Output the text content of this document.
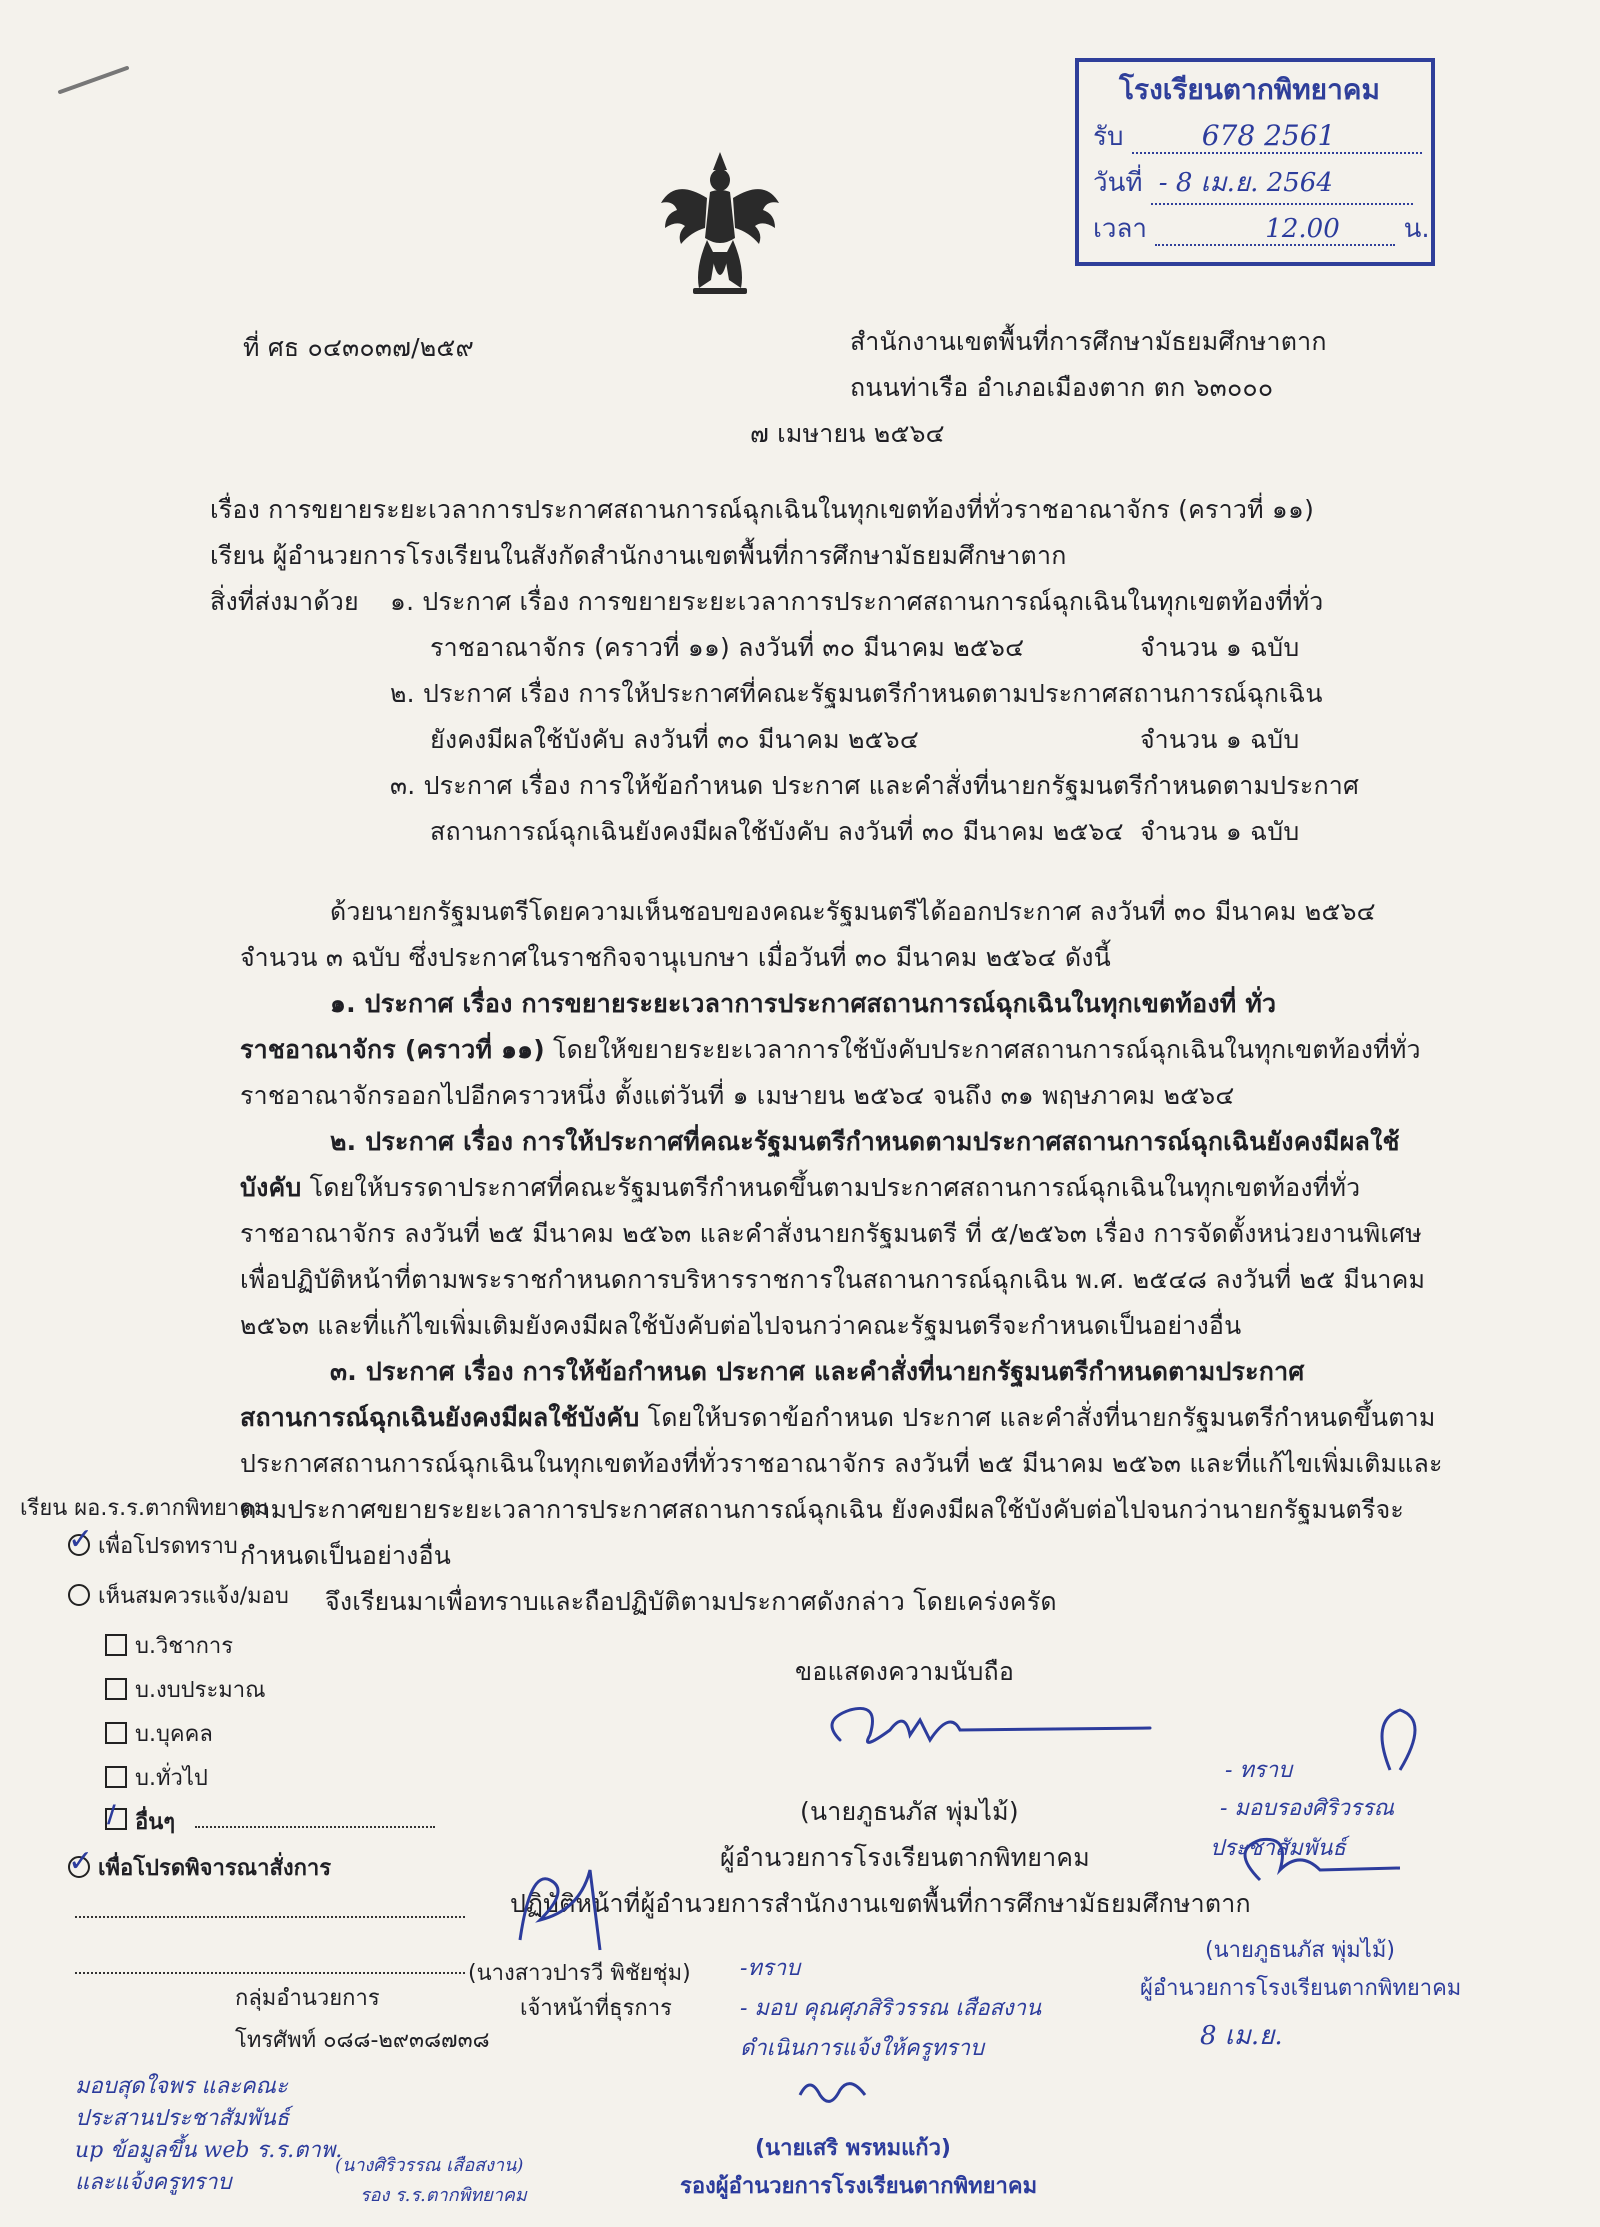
โรงเรียนตากพิทยาคม
รับ	678 2561
วันที่ - 8 เม.ย. 2564
เวลา	12.00 น.
ที่ ศธ ๐๔๓๐๓๗/๒๕๙	สำนักงานเขตพื้นที่การศึกษามัธยมศึกษาตาก
ถนนท่าเรือ อำเภอเมืองตาก ตก ๖๓๐๐๐
๗ เมษายน ๒๕๖๔
เรื่อง การขยายระยะเวลาการประกาศสถานการณ์ฉุกเฉินในทุกเขตท้องที่ทั่วราชอาณาจักร (คราวที่ ๑๑)
เรียน ผู้อำนวยการโรงเรียนในสังกัดสำนักงานเขตพื้นที่การศึกษามัธยมศึกษาตาก
สิ่งที่ส่งมาด้วย ๑. ประกาศ เรื่อง การขยายระยะเวลาการประกาศสถานการณ์ฉุกเฉินในทุกเขตท้องที่ทั่ว
ราชอาณาจักร (คราวที่ ๑๑) ลงวันที่ ๓๐ มีนาคม ๒๕๖๔	จำนวน ๑ ฉบับ
๒. ประกาศ เรื่อง การให้ประกาศที่คณะรัฐมนตรีกำหนดตามประกาศสถานการณ์ฉุกเฉิน
ยังคงมีผลใช้บังคับ ลงวันที่ ๓๐ มีนาคม ๒๕๖๔	จำนวน ๑ ฉบับ
๓. ประกาศ เรื่อง การให้ข้อกำหนด ประกาศ และคำสั่งที่นายกรัฐมนตรีกำหนดตามประกาศ
สถานการณ์ฉุกเฉินยังคงมีผลใช้บังคับ ลงวันที่ ๓๐ มีนาคม ๒๕๖๔ จำนวน ๑ ฉบับ
ด้วยนายกรัฐมนตรีโดยความเห็นชอบของคณะรัฐมนตรีได้ออกประกาศ ลงวันที่ ๓๐ มีนาคม ๒๕๖๔
จำนวน ๓ ฉบับ ซึ่งประกาศในราชกิจจานุเบกษา เมื่อวันที่ ๓๐ มีนาคม ๒๕๖๔ ดังนี้
๑. ประกาศ เรื่อง การขยายระยะเวลาการประกาศสถานการณ์ฉุกเฉินในทุกเขตท้องที่ ทั่ว
ราชอาณาจักร (คราวที่ ๑๑) โดยให้ขยายระยะเวลาการใช้บังคับประกาศสถานการณ์ฉุกเฉินในทุกเขตท้องที่ทั่ว
ราชอาณาจักรออกไปอีกคราวหนึ่ง ตั้งแต่วันที่ ๑ เมษายน ๒๕๖๔ จนถึง ๓๑ พฤษภาคม ๒๕๖๔
๒. ประกาศ เรื่อง การให้ประกาศที่คณะรัฐมนตรีกำหนดตามประกาศสถานการณ์ฉุกเฉินยังคงมีผลใช้
บังคับ โดยให้บรรดาประกาศที่คณะรัฐมนตรีกำหนดขึ้นตามประกาศสถานการณ์ฉุกเฉินในทุกเขตท้องที่ทั่ว
ราชอาณาจักร ลงวันที่ ๒๕ มีนาคม ๒๕๖๓ และคำสั่งนายกรัฐมนตรี ที่ ๕/๒๕๖๓ เรื่อง การจัดตั้งหน่วยงานพิเศษ
เพื่อปฏิบัติหน้าที่ตามพระราชกำหนดการบริหารราชการในสถานการณ์ฉุกเฉิน พ.ศ. ๒๕๔๘ ลงวันที่ ๒๕ มีนาคม
๒๕๖๓ และที่แก้ไขเพิ่มเติมยังคงมีผลใช้บังคับต่อไปจนกว่าคณะรัฐมนตรีจะกำหนดเป็นอย่างอื่น
๓. ประกาศ เรื่อง การให้ข้อกำหนด ประกาศ และคำสั่งที่นายกรัฐมนตรีกำหนดตามประกาศ
สถานการณ์ฉุกเฉินยังคงมีผลใช้บังคับ โดยให้บรดาข้อกำหนด ประกาศ และคำสั่งที่นายกรัฐมนตรีกำหนดขึ้นตาม
ประกาศสถานการณ์ฉุกเฉินในทุกเขตท้องที่ทั่วราชอาณาจักร ลงวันที่ ๒๕ มีนาคม ๒๕๖๓ และที่แก้ไขเพิ่มเติมและ
ตามประกาศขยายระยะเวลาการประกาศสถานการณ์ฉุกเฉิน ยังคงมีผลใช้บังคับต่อไปจนกว่านายกรัฐมนตรีจะ
กำหนดเป็นอย่างอื่น
จึงเรียนมาเพื่อทราบและถือปฏิบัติตามประกาศดังกล่าว โดยเคร่งครัด
ขอแสดงความนับถือ
(นายภูธนภัส พุ่มไม้)
ผู้อำนวยการโรงเรียนตากพิทยาคม
ปฏิบัติหน้าที่ผู้อำนวยการสำนักงานเขตพื้นที่การศึกษามัธยมศึกษาตาก
เรียน ผอ.ร.ร.ตากพิทยาคม
✓ เพื่อโปรดทราบ
เห็นสมควรแจ้ง/มอบ
บ.วิชาการ
บ.งบประมาณ
บ.บุคคล
บ.ทั่วไป
/ อื่นๆ
✓ เพื่อโปรดพิจารณาสั่งการ
(นางสาวปารวี พิชัยชุ่ม)
เจ้าหน้าที่ธุรการ
กลุ่มอำนวยการ
โทรศัพท์ ๐๘๘-๒๙๓๘๗๓๘
มอบสุดใจพร และคณะ
ประสานประชาสัมพันธ์
up ข้อมูลขึ้น web ร.ร.ตาพ.
และแจ้งครูทราบ
(นางศิริวรรณ เสือสงาน)
รอง ร.ร.ตากพิทยาคม
-ทราบ
- มอบ คุณศุภสิริวรรณ เสือสงาน
ดำเนินการแจ้งให้ครูทราบ
(นายเสริ พรหมแก้ว)
รองผู้อำนวยการโรงเรียนตากพิทยาคม
- ทราบ
- มอบรองศิริวรรณ
ประชาสัมพันธ์
(นายภูธนภัส พุ่มไม้)
ผู้อำนวยการโรงเรียนตากพิทยาคม
8 เม.ย.
